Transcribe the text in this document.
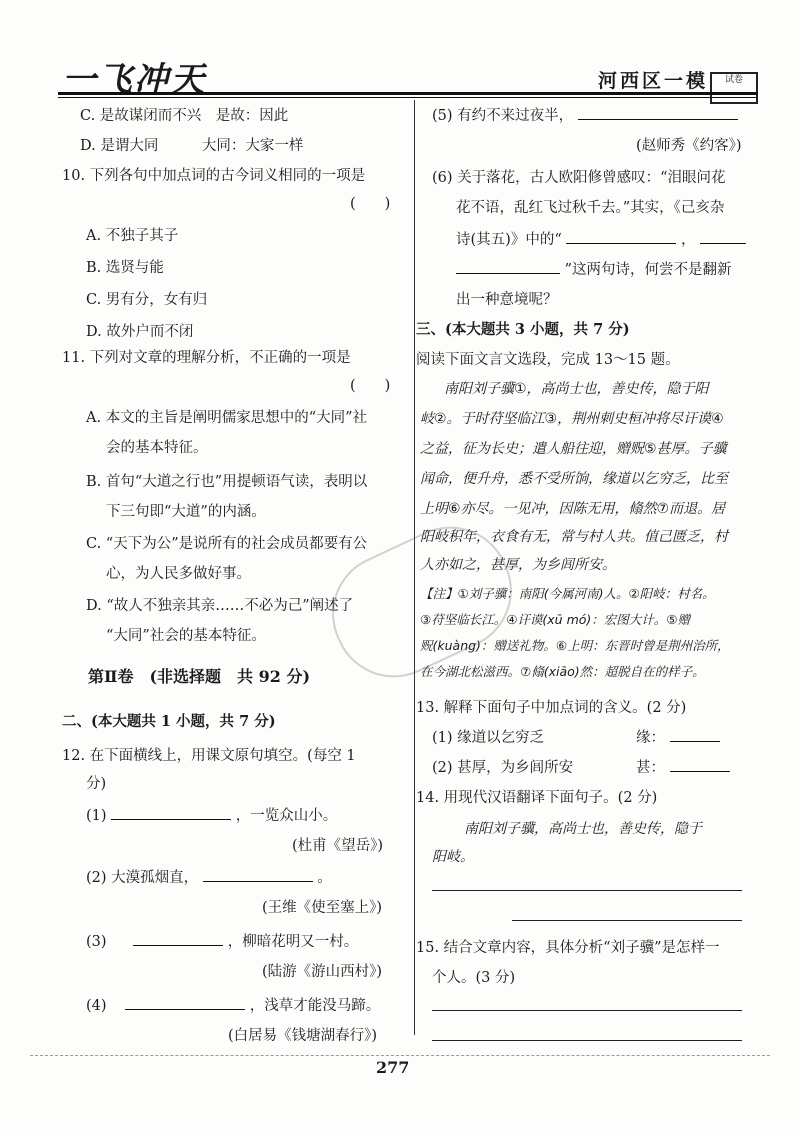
一飞冲天	河西区一模	试卷
C. 是故谋闭而不兴　是故：因此
D. 是谓大同　　　大同：大家一样
10. 下列各句中加点词的古今词义相同的一项是
(　　)
A. 不独子其子
B. 选贤与能
C. 男有分，女有归
D. 故外户而不闭
11. 下列对文章的理解分析，不正确的一项是
(　　)
A. 本文的主旨是阐明儒家思想中的“大同”社
会的基本特征。
B. 首句“大道之行也”用提顿语气读，表明以
下三句即“大道”的内涵。
C. “天下为公”是说所有的社会成员都要有公
心，为人民多做好事。
D. “故人不独亲其亲……不必为己”阐述了
“大同”社会的基本特征。
第Ⅱ卷　(非选择题　共 92 分)
二、(本大题共 1 小题，共 7 分)
12. 在下面横线上，用课文原句填空。(每空 1
分)
(1)	，一览众山小。
(杜甫《望岳》)
(2) 大漠孤烟直，	。
(王维《使至塞上》)
(3)	，柳暗花明又一村。
(陆游《游山西村》)
(4)	，浅草才能没马蹄。
(白居易《钱塘湖春行》)
(5) 有约不来过夜半，
(赵师秀《约客》)
(6) 关于落花，古人欧阳修曾感叹：“泪眼问花
花不语，乱红飞过秋千去。”其实，《己亥杂
诗(其五)》中的“	，
”这两句诗，何尝不是翻新
出一种意境呢？
三、(本大题共 3 小题，共 7 分)
阅读下面文言文选段，完成 13～15 题。
南阳刘子骥①，高尚士也，善史传，隐于阳
岐②。于时苻坚临江③，荆州刺史桓冲将尽讦谟④
之益，征为长史；遣人船往迎，赠贶⑤甚厚。子骥
闻命，便升舟，悉不受所饷，缘道以乞穷乏，比至
上明⑥亦尽。一见冲，因陈无用，翛然⑦而退。居
阳岐积年，衣食有无，常与村人共。值己匮乏，村
人亦如之，甚厚，为乡闾所安。
【注】①刘子骥：南阳(今属河南)人。②阳岐：村名。
③苻坚临长江。④讦谟(xū mó)：宏图大计。⑤赠
贶(kuàng)：赠送礼物。⑥上明：东晋时曾是荆州治所，
在今湖北松滋西。⑦翛(xiāo)然：超脱自在的样子。
13. 解释下面句子中加点词的含义。(2 分)
(1) 缘道以乞穷乏	缘：
(2) 甚厚，为乡闾所安	甚：
14. 用现代汉语翻译下面句子。(2 分)
南阳刘子骥，高尚士也，善史传，隐于
阳岐。
15. 结合文章内容，具体分析“刘子骥”是怎样一
个人。(3 分)
277
